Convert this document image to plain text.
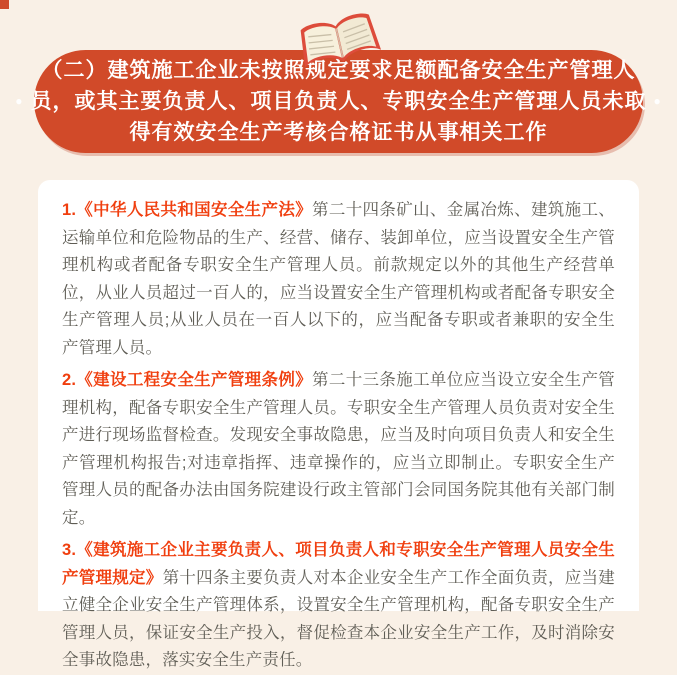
（二）建筑施工企业未按照规定要求足额配备安全生产管理人
● 员，或其主要负责人、项目负责人、专职安全生产管理人员未取 ●
得有效安全生产考核合格证书从事相关工作

1.《中华人民共和国安全生产法》第二十四条矿山、金属冶炼、建筑施工、运输单位和危险物品的生产、经营、储存、装卸单位，应当设置安全生产管理机构或者配备专职安全生产管理人员。前款规定以外的其他生产经营单位，从业人员超过一百人的，应当设置安全生产管理机构或者配备专职安全生产管理人员;从业人员在一百人以下的，应当配备专职或者兼职的安全生产管理人员。

2.《建设工程安全生产管理条例》第二十三条施工单位应当设立安全生产管理机构，配备专职安全生产管理人员。专职安全生产管理人员负责对安全生产进行现场监督检查。发现安全事故隐患，应当及时向项目负责人和安全生产管理机构报告;对违章指挥、违章操作的，应当立即制止。专职安全生产管理人员的配备办法由国务院建设行政主管部门会同国务院其他有关部门制定。

3.《建筑施工企业主要负责人、项目负责人和专职安全生产管理人员安全生产管理规定》第十四条主要负责人对本企业安全生产工作全面负责，应当建立健全企业安全生产管理体系，设置安全生产管理机构，配备专职安全生产管理人员，保证安全生产投入，督促检查本企业安全生产工作，及时消除安全事故隐患，落实安全生产责任。
